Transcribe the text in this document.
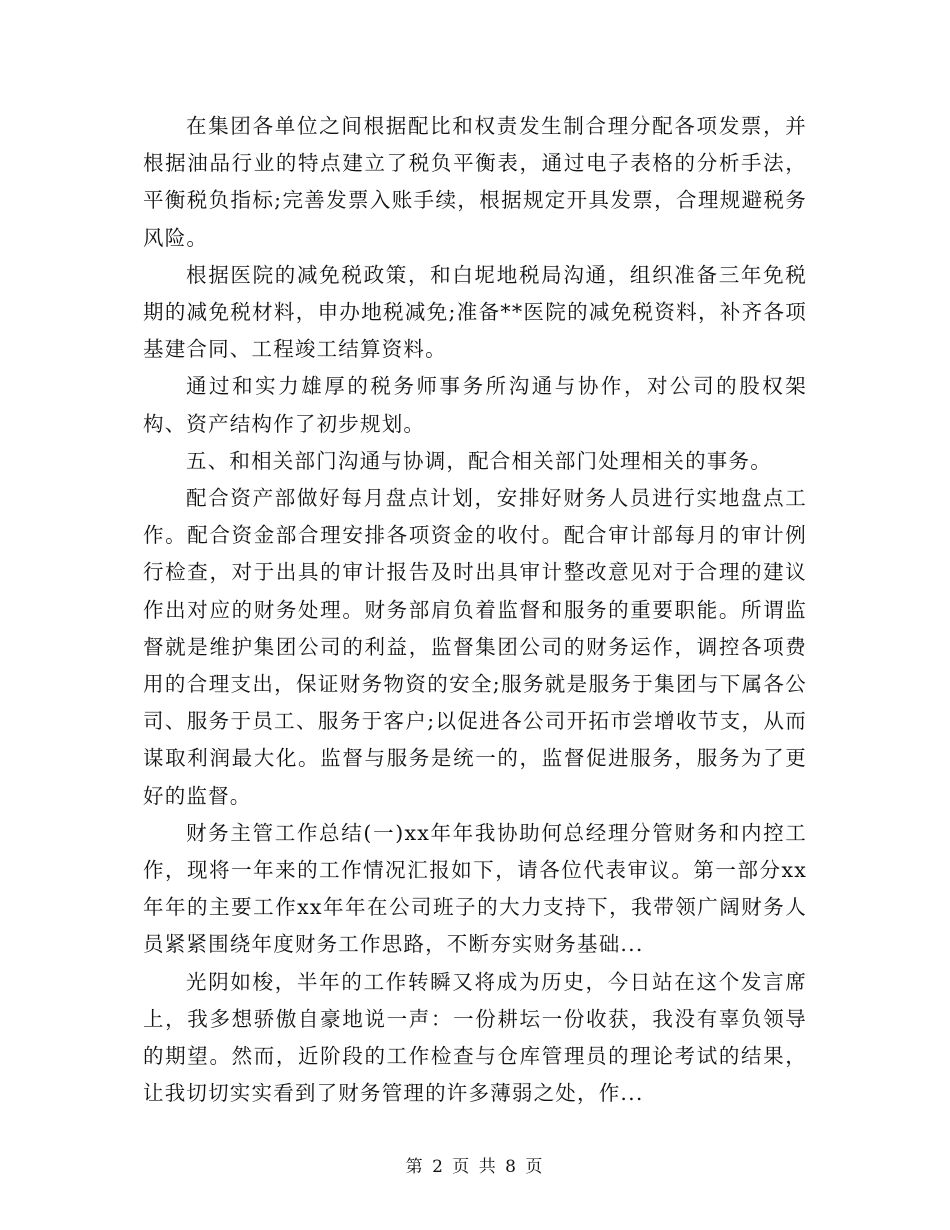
在集团各单位之间根据配比和权责发生制合理分配各项发票，并根据油品行业的特点建立了税负平衡表，通过电子表格的分析手法，平衡税负指标;完善发票入账手续，根据规定开具发票，合理规避税务风险。

根据医院的减免税政策，和白坭地税局沟通，组织准备三年免税期的减免税材料，申办地税减免;准备**医院的减免税资料，补齐各项基建合同、工程竣工结算资料。

通过和实力雄厚的税务师事务所沟通与协作，对公司的股权架构、资产结构作了初步规划。

五、和相关部门沟通与协调，配合相关部门处理相关的事务。

配合资产部做好每月盘点计划，安排好财务人员进行实地盘点工作。配合资金部合理安排各项资金的收付。配合审计部每月的审计例行检查，对于出具的审计报告及时出具审计整改意见对于合理的建议作出对应的财务处理。财务部肩负着监督和服务的重要职能。所谓监督就是维护集团公司的利益，监督集团公司的财务运作，调控各项费用的合理支出，保证财务物资的安全;服务就是服务于集团与下属各公司、服务于员工、服务于客户;以促进各公司开拓市尝增收节支，从而谋取利润最大化。监督与服务是统一的，监督促进服务，服务为了更好的监督。

财务主管工作总结(一)xx年年我协助何总经理分管财务和内控工作，现将一年来的工作情况汇报如下，请各位代表审议。第一部分xx年年的主要工作xx年年在公司班子的大力支持下，我带领广阔财务人员紧紧围绕年度财务工作思路，不断夯实财务基础...

光阴如梭，半年的工作转瞬又将成为历史，今日站在这个发言席上，我多想骄傲自豪地说一声：一份耕坛一份收获，我没有辜负领导的期望。然而，近阶段的工作检查与仓库管理员的理论考试的结果，让我切切实实看到了财务管理的许多薄弱之处，作...

第 2 页 共 8 页
